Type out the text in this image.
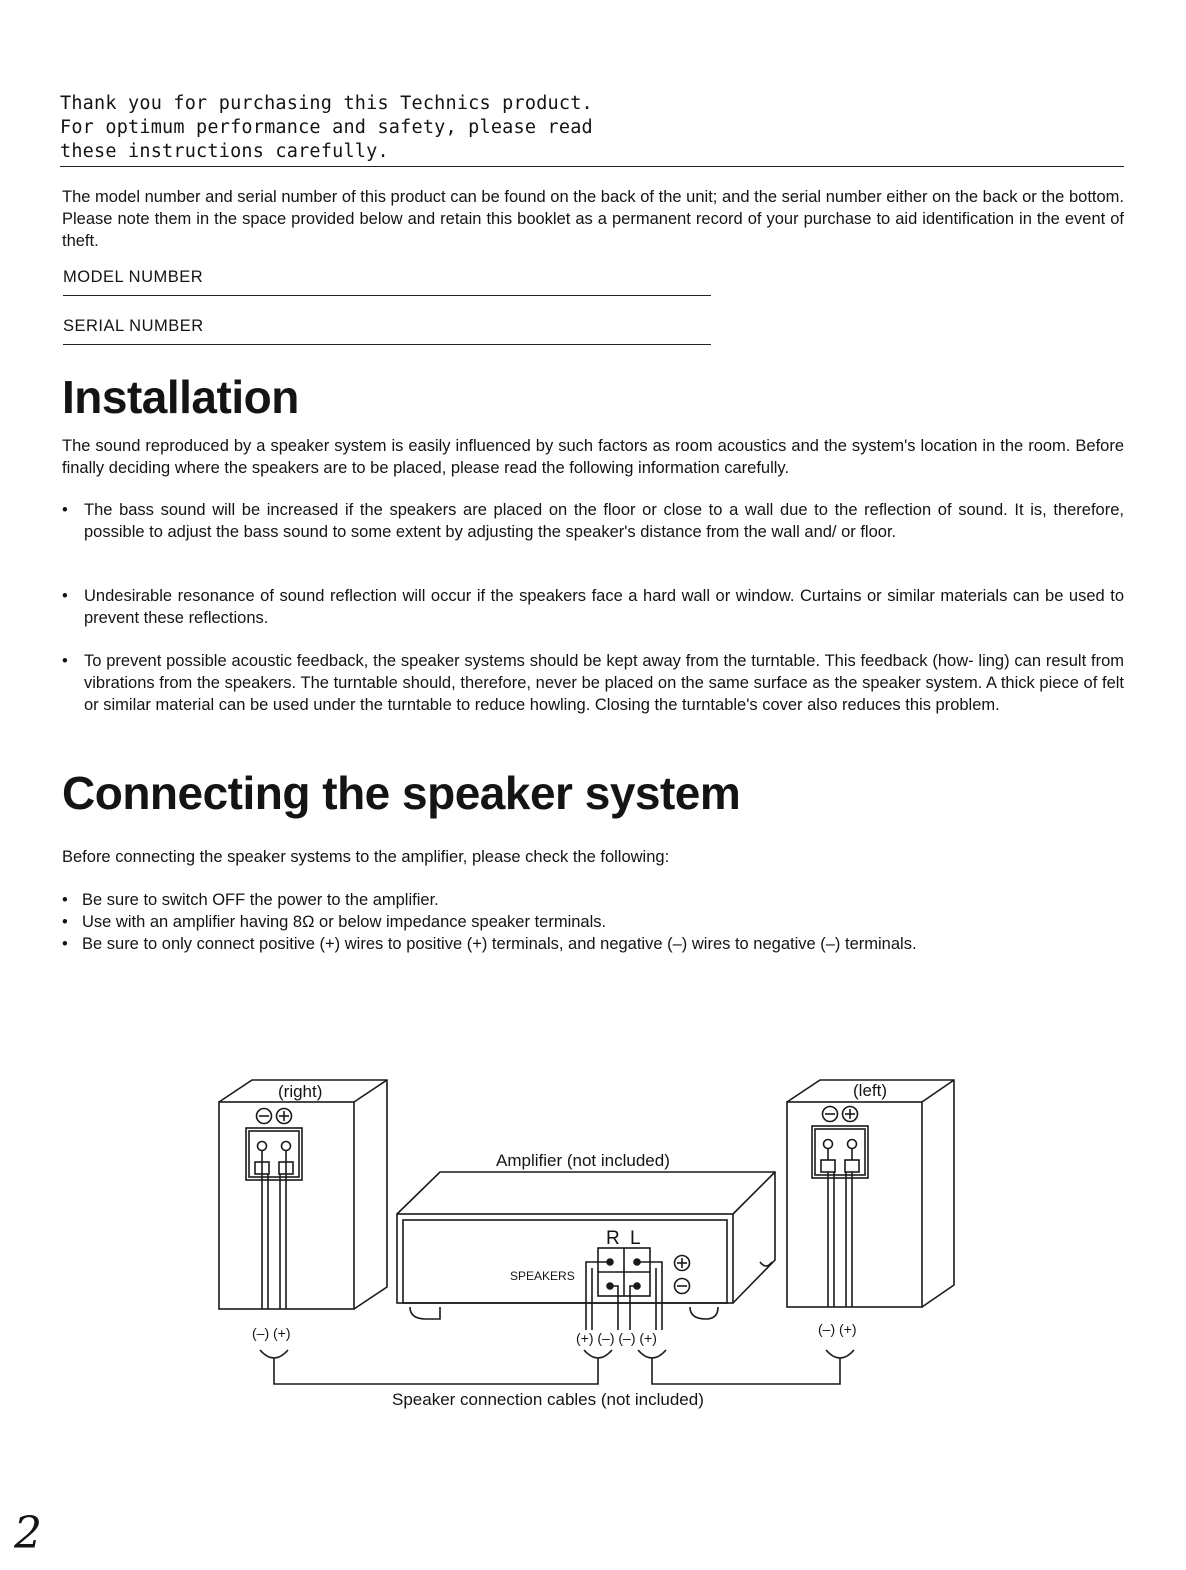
Thank you for purchasing this Technics product.
For optimum performance and safety, please read
these instructions carefully.
The model number and serial number of this product can be found on the back of the unit; and the serial number either on the back or the bottom. Please note them in the space provided below and retain this booklet as a permanent record of your purchase to aid identification in the event of theft.
MODEL NUMBER
SERIAL NUMBER
Installation
The sound reproduced by a speaker system is easily influenced by such factors as room acoustics and the system's location in the room. Before finally deciding where the speakers are to be placed, please read the following information carefully.
• The bass sound will be increased if the speakers are placed on the floor or close to a wall due to the reflection of sound. It is, therefore, possible to adjust the bass sound to some extent by adjusting the speaker's distance from the wall and/ or floor.
• Undesirable resonance of sound reflection will occur if the speakers face a hard wall or window. Curtains or similar materials can be used to prevent these reflections.
• To prevent possible acoustic feedback, the speaker systems should be kept away from the turntable. This feedback (how- ling) can result from vibrations from the speakers. The turntable should, therefore, never be placed on the same surface as the speaker system. A thick piece of felt or similar material can be used under the turntable to reduce howling. Closing the turntable's cover also reduces this problem.
Connecting the speaker system
Before connecting the speaker systems to the amplifier, please check the following:
• Be sure to switch OFF the power to the amplifier.
• Use with an amplifier having 8Ω or below impedance speaker terminals.
• Be sure to only connect positive (+) wires to positive (+) terminals, and negative (–) wires to negative (–) terminals.
(right)	(left)
Amplifier (not included)
SPEAKERS
R L
(–) (+)	(–) (+)
(+) (–) (–) (+)
Speaker connection cables (not included)
2
